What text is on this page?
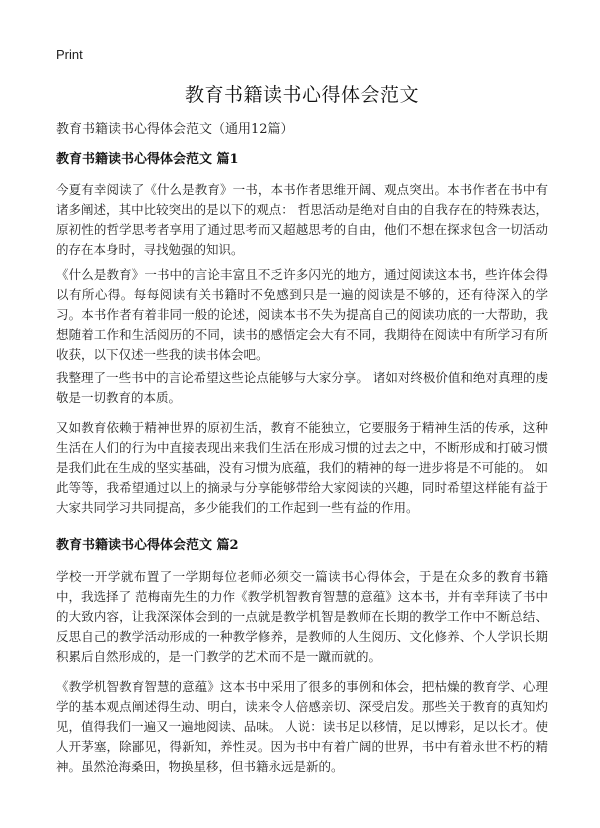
Print
教育书籍读书心得体会范文
教育书籍读书心得体会范文（通用12篇）
教育书籍读书心得体会范文 篇1
今夏有幸阅读了《什么是教育》一书，本书作者思维开阔、观点突出。本书作者在书中有诸多阐述，其中比较突出的是以下的观点： 哲思活动是绝对自由的自我存在的特殊表达，原初性的哲学思考者享用了通过思考而又超越思考的自由，他们不想在探求包含一切活动的存在本身时，寻找勉强的知识。
《什么是教育》一书中的言论丰富且不乏许多闪光的地方，通过阅读这本书，些许体会得以有所心得。每每阅读有关书籍时不免感到只是一遍的阅读是不够的，还有待深入的学习。本书作者有着非同一般的论述，阅读本书不失为提高自己的阅读功底的一大帮助，我想随着工作和生活阅历的不同，读书的感悟定会大有不同，我期待在阅读中有所学习有所收获，以下仅述一些我的读书体会吧。
我整理了一些书中的言论希望这些论点能够与大家分享。 诸如对终极价值和绝对真理的虔敬是一切教育的本质。
又如教育依赖于精神世界的原初生活，教育不能独立，它要服务于精神生活的传承，这种生活在人们的行为中直接表现出来我们生活在形成习惯的过去之中，不断形成和打破习惯是我们此在生成的坚实基础，没有习惯为底蕴，我们的精神的每一进步将是不可能的。 如此等等，我希望通过以上的摘录与分享能够带给大家阅读的兴趣，同时希望这样能有益于大家共同学习共同提高，多少能我们的工作起到一些有益的作用。
教育书籍读书心得体会范文 篇2
学校一开学就布置了一学期每位老师必须交一篇读书心得体会，于是在众多的教育书籍中，我选择了 范梅南先生的力作《教学机智教育智慧的意蕴》这本书，并有幸拜读了书中的大致内容，让我深深体会到的一点就是教学机智是教师在长期的教学工作中不断总结、反思自己的教学活动形成的一种教学修养，是教师的人生阅历、文化修养、个人学识长期积累后自然形成的，是一门教学的艺术而不是一蹴而就的。
《教学机智教育智慧的意蕴》这本书中采用了很多的事例和体会，把枯燥的教育学、心理学的基本观点阐述得生动、明白，读来令人倍感亲切、深受启发。那些关于教育的真知灼见，值得我们一遍又一遍地阅读、品味。 人说：读书足以移情，足以博彩，足以长才。使人开茅塞，除鄙见，得新知，养性灵。因为书中有着广阔的世界，书中有着永世不朽的精神。虽然沧海桑田，物换星移，但书籍永远是新的。
